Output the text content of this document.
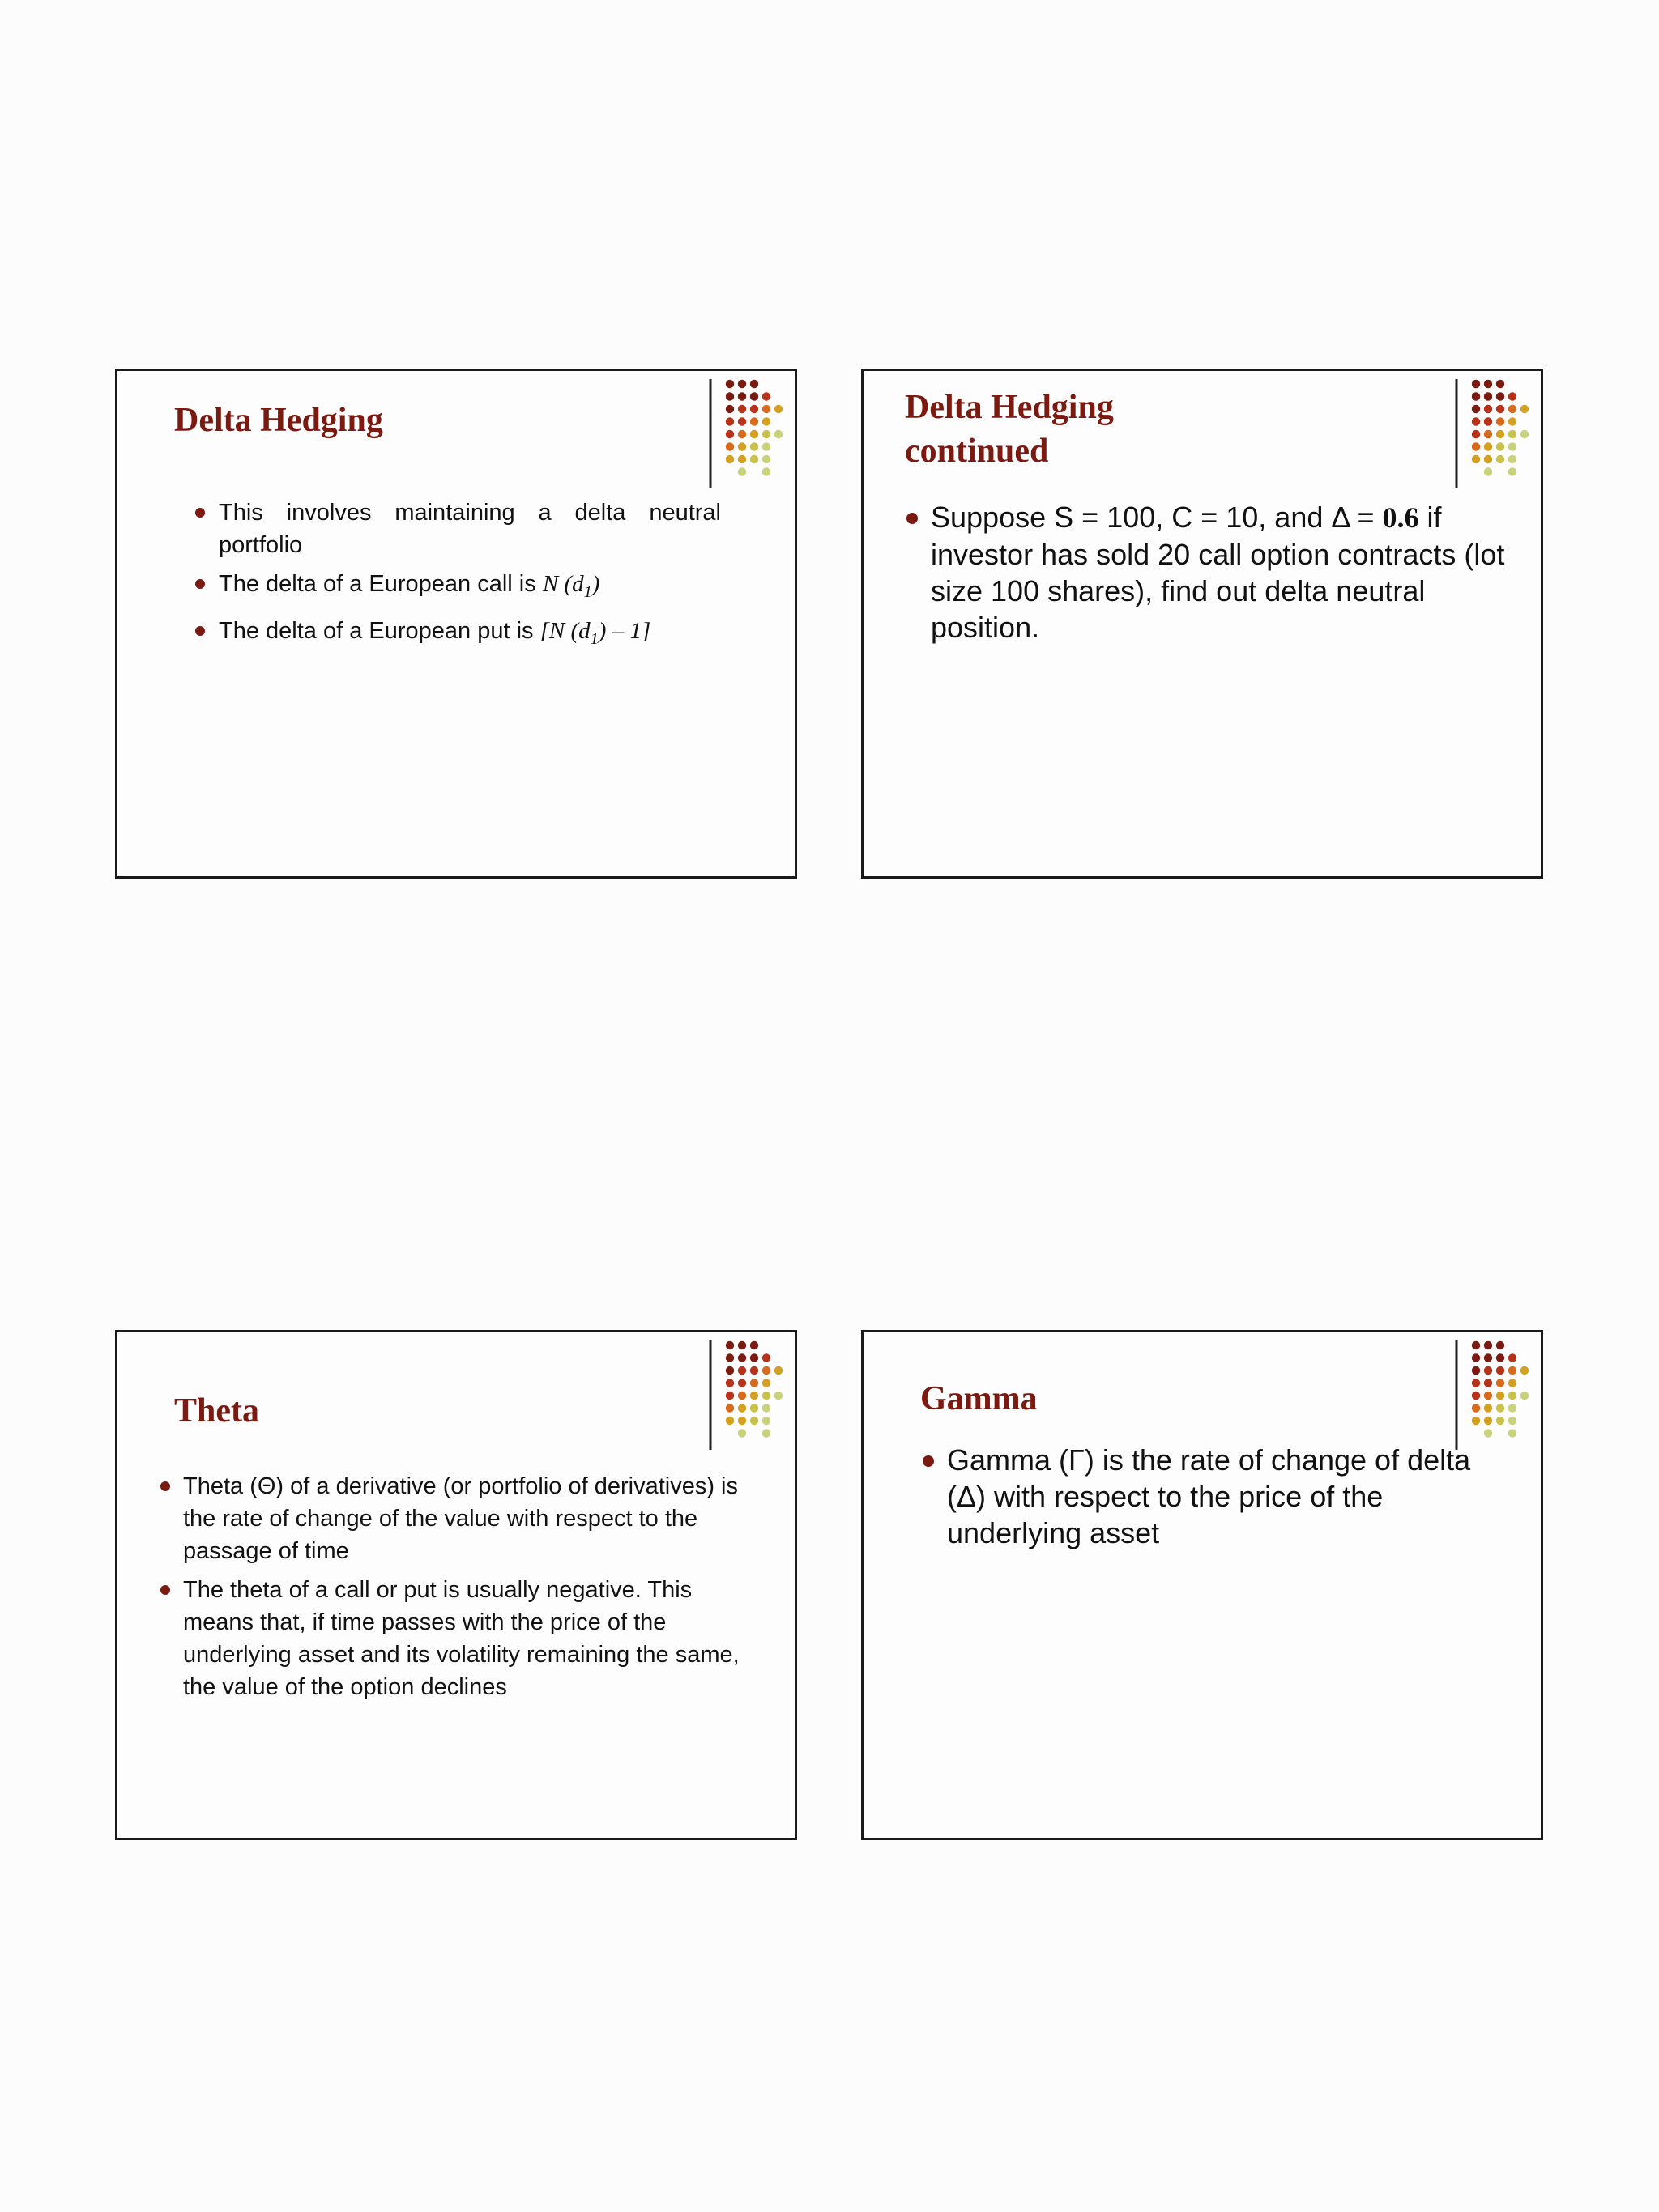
Delta Hedging
This involves maintaining a delta neutral portfolio
The delta of a European call is N $(d_1)$
The delta of a European put is [N $(d_1) - 1$]
Delta Hedging
continued
Suppose S = 100, C = 10, and Δ = 0.6 if investor has sold 20 call option contracts (lot size 100 shares), find out delta neutral position.
Theta
Theta (Θ) of a derivative (or portfolio of derivatives) is the rate of change of the value with respect to the passage of time
The theta of a call or put is usually negative. This means that, if time passes with the price of the underlying asset and its volatility remaining the same, the value of the option declines
Gamma
Gamma (Γ) is the rate of change of delta (Δ) with respect to the price of the underlying asset
